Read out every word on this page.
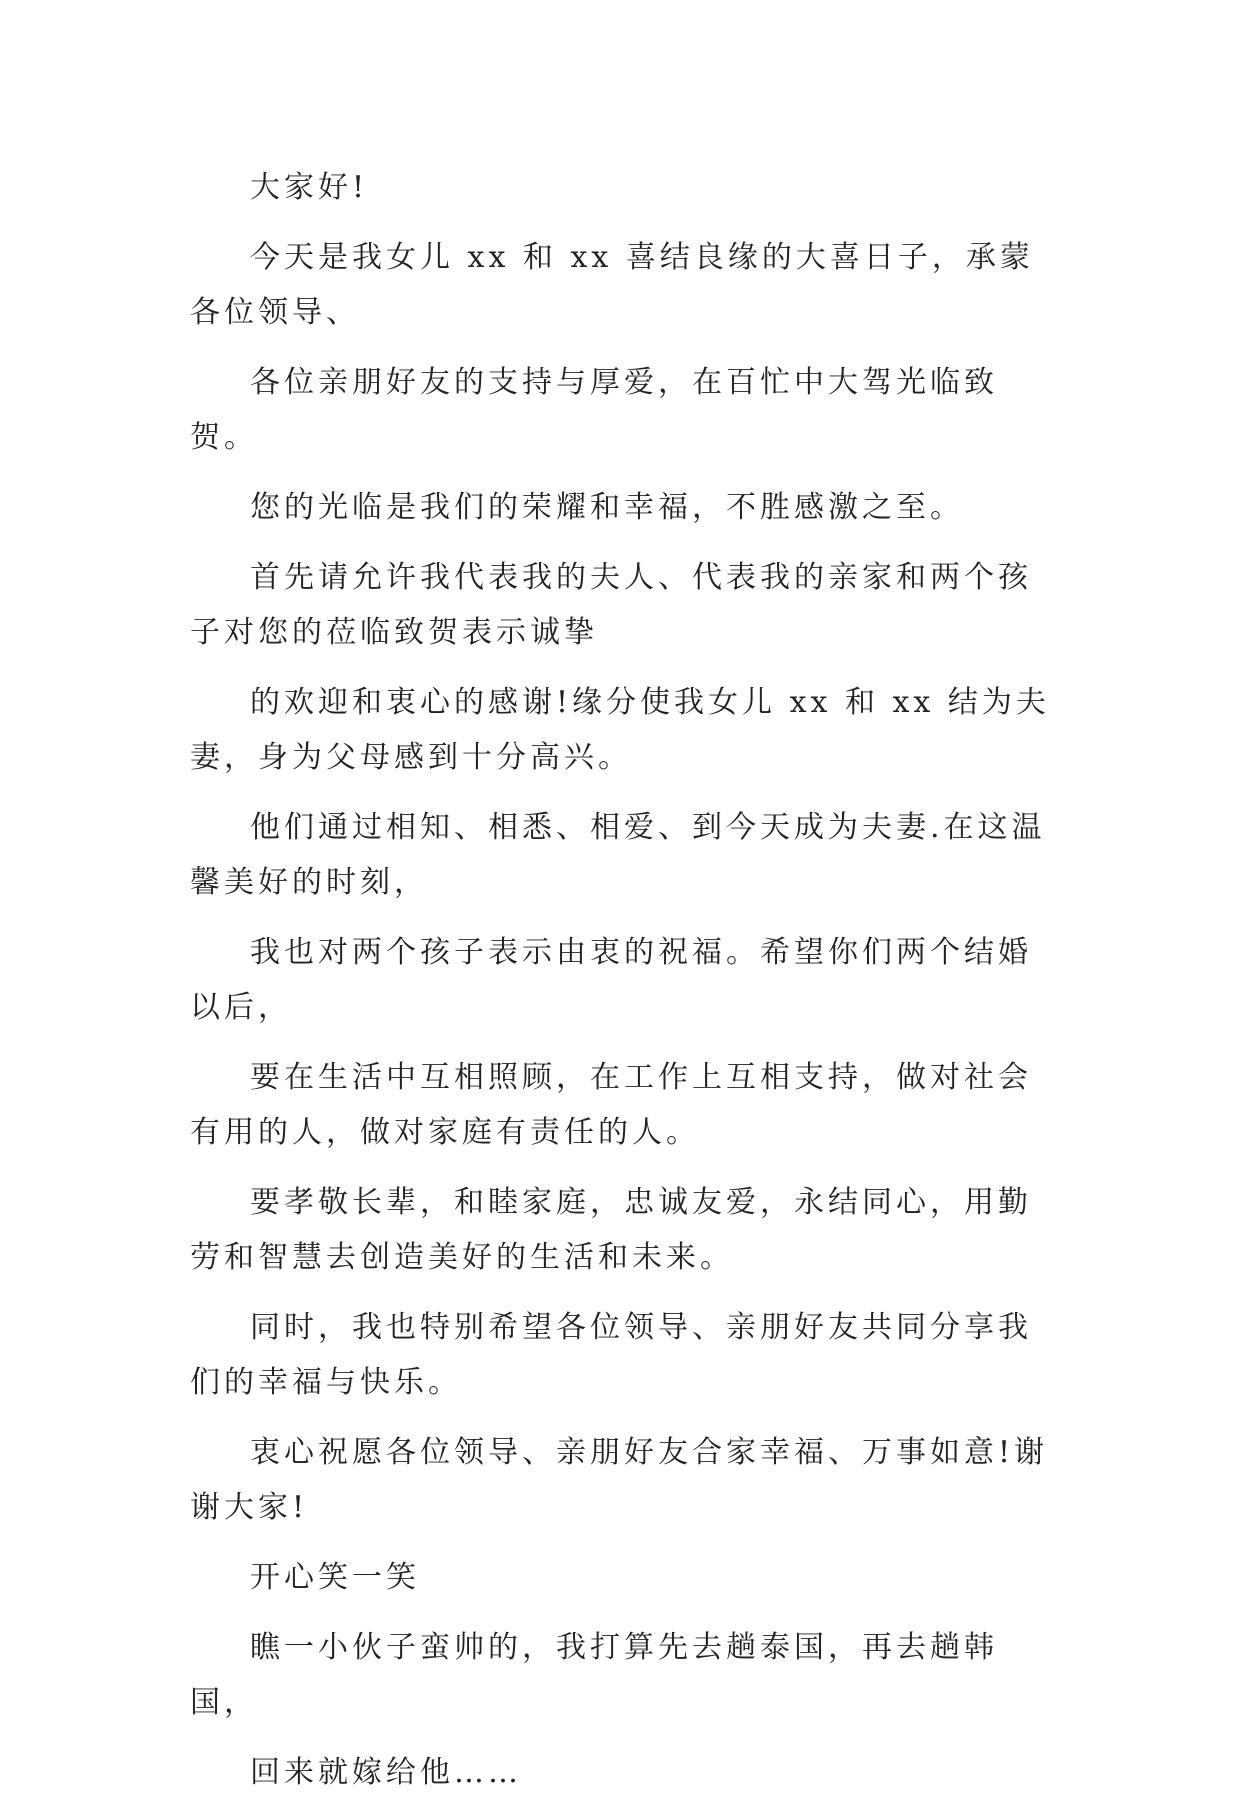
大家好!

今天是我女儿 xx 和 xx 喜结良缘的大喜日子，承蒙各位领导、

各位亲朋好友的支持与厚爱，在百忙中大驾光临致贺。

您的光临是我们的荣耀和幸福，不胜感激之至。

首先请允许我代表我的夫人、代表我的亲家和两个孩子对您的莅临致贺表示诚挚

的欢迎和衷心的感谢!缘分使我女儿 xx 和 xx 结为夫妻，身为父母感到十分高兴。

他们通过相知、相悉、相爱、到今天成为夫妻.在这温馨美好的时刻，

我也对两个孩子表示由衷的祝福。希望你们两个结婚以后，

要在生活中互相照顾，在工作上互相支持，做对社会有用的人，做对家庭有责任的人。

要孝敬长辈，和睦家庭，忠诚友爱，永结同心，用勤劳和智慧去创造美好的生活和未来。

同时，我也特别希望各位领导、亲朋好友共同分享我们的幸福与快乐。

衷心祝愿各位领导、亲朋好友合家幸福、万事如意!谢谢大家!

开心笑一笑

瞧一小伙子蛮帅的，我打算先去趟泰国，再去趟韩国，

回来就嫁给他……
